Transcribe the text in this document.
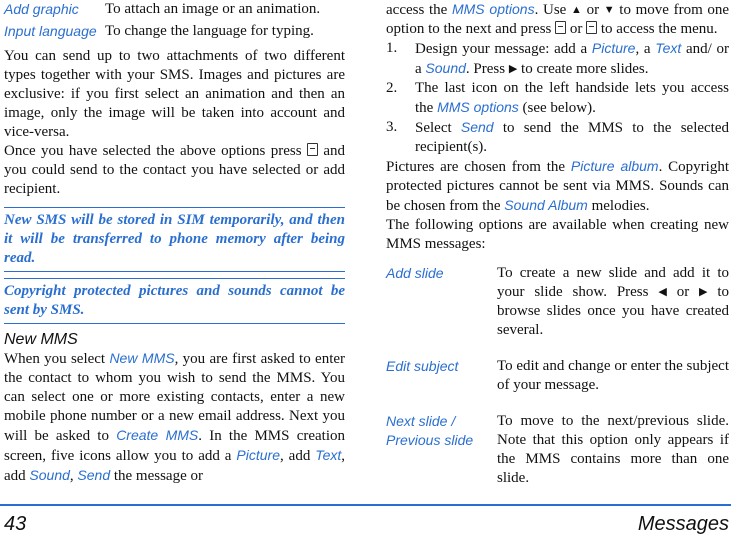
Add graphic	To attach an image or an animation.
Input language	To change the language for typing.

You can send up to two attachments of two different types together with your SMS. Images and pictures are exclusive: if you first select an animation and then an image, only the image will be taken into account and vice-versa.

Once you have selected the above options press and you could send to the contact you have selected or add recipient.

New SMS will be stored in SIM temporarily, and then it will be transferred to phone memory after being read.
Copyright protected pictures and sounds cannot be sent by SMS.
New MMS

When you select New MMS, you are first asked to enter the contact to whom you wish to send the MMS. You can select one or more existing contacts, enter a new mobile phone number or a new email address. Next you will be asked to Create MMS. In the MMS creation screen, five icons allow you to add a Picture, add Text, add Sound, Send the message or

access the MMS options. Use ▲ or ▼ to move from one option to the next and press or to access the menu.

1. Design your message: add a Picture, a Text and/ or a Sound. Press ▶ to create more slides.
2. The last icon on the left handside lets you access the MMS options (see below).
3. Select Send to send the MMS to the selected recipient(s).

Pictures are chosen from the Picture album. Copyright protected pictures cannot be sent via MMS. Sounds can be chosen from the Sound Album melodies.

The following options are available when creating new MMS messages:

Add slide	To create a new slide and add it to your slide show. Press ◀ or ▶ to browse slides once you have created several.
Edit subject	To edit and change or enter the subject of your message.
Next slide / Previous slide	To move to the next/previous slide. Note that this option only appears if the MMS contains more than one slide.
43	Messages
